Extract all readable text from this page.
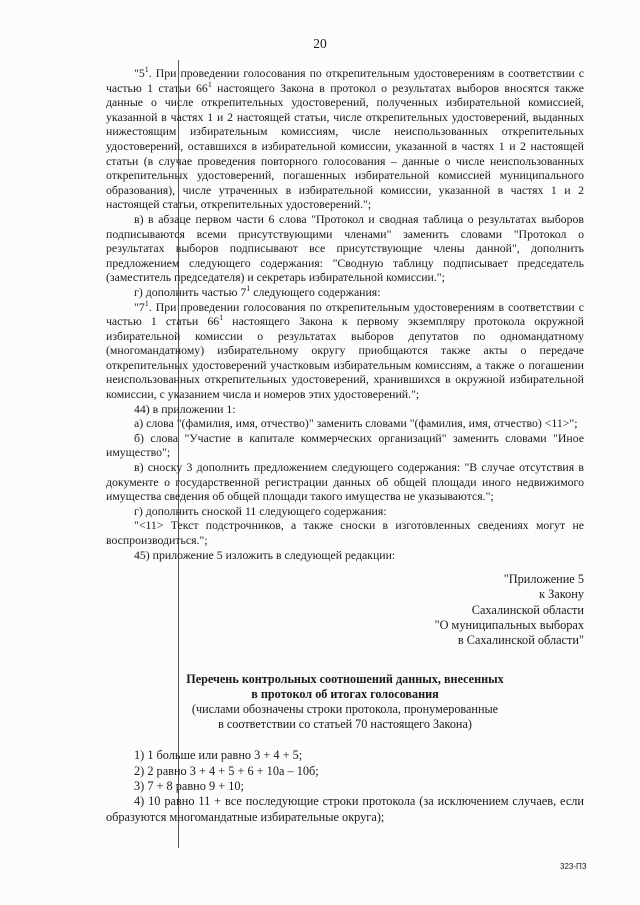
20

"$5^1$. При проведении голосования по открепительным удостоверениям в соответствии с частью 1 статьи $66^1$ настоящего Закона в протокол о результатах выборов вносятся также данные о числе открепительных удостоверений, полученных избирательной комиссией, указанной в частях 1 и 2 настоящей статьи, числе открепительных удостоверений, выданных нижестоящим избирательным комиссиям, числе неиспользованных открепительных удостоверений, оставшихся в избирательной комиссии, указанной в частях 1 и 2 настоящей статьи (в случае проведения повторного голосования – данные о числе неиспользованных открепительных удостоверений, погашенных избирательной комиссией муниципального образования), числе утраченных в избирательной комиссии, указанной в частях 1 и 2 настоящей статьи, открепительных удостоверений.";

в) в абзаце первом части 6 слова "Протокол и сводная таблица о результатах выборов подписываются всеми присутствующими членами" заменить словами "Протокол о результатах выборов подписывают все присутствующие члены данной", дополнить предложением следующего содержания: "Сводную таблицу подписывает председатель (заместитель председателя) и секретарь избирательной комиссии.";

г) дополнить частью $7^1$ следующего содержания:

"$7^1$. При проведении голосования по открепительным удостоверениям в соответствии с частью 1 статьи $66^1$ настоящего Закона к первому экземпляру протокола окружной избирательной комиссии о результатах выборов депутатов по одномандатному (многомандатному) избирательному округу приобщаются также акты о передаче открепительных удостоверений участковым избирательным комиссиям, а также о погашении неиспользованных открепительных удостоверений, хранившихся в окружной избирательной комиссии, с указанием числа и номеров этих удостоверений.";

44) в приложении 1:

а) слова "(фамилия, имя, отчество)" заменить словами "(фамилия, имя, отчество) <11>";

б) слова "Участие в капитале коммерческих организаций" заменить словами "Иное имущество";

в) сноску 3 дополнить предложением следующего содержания: "В случае отсутствия в документе о государственной регистрации данных об общей площади иного недвижимого имущества сведения об общей площади такого имущества не указываются.";

г) дополнить сноской 11 следующего содержания:

"<11> Текст подстрочников, а также сноски в изготовленных сведениях могут не воспроизводиться.";

45) приложение 5 изложить в следующей редакции:

"Приложение 5
к Закону
Сахалинской области
"О муниципальных выборах
в Сахалинской области"
Перечень контрольных соотношений данных, внесенных
в протокол об итогах голосования
(числами обозначены строки протокола, пронумерованные
в соответствии со статьей 70 настоящего Закона)

1) 1 больше или равно 3 + 4 + 5;

2) 2 равно 3 + 4 + 5 + 6 + 10а – 10б;

3) 7 + 8 равно 9 + 10;

4) 10 равно 11 + все последующие строки протокола (за исключением случаев, если образуются многомандатные избирательные округа);

323-ПЗ
